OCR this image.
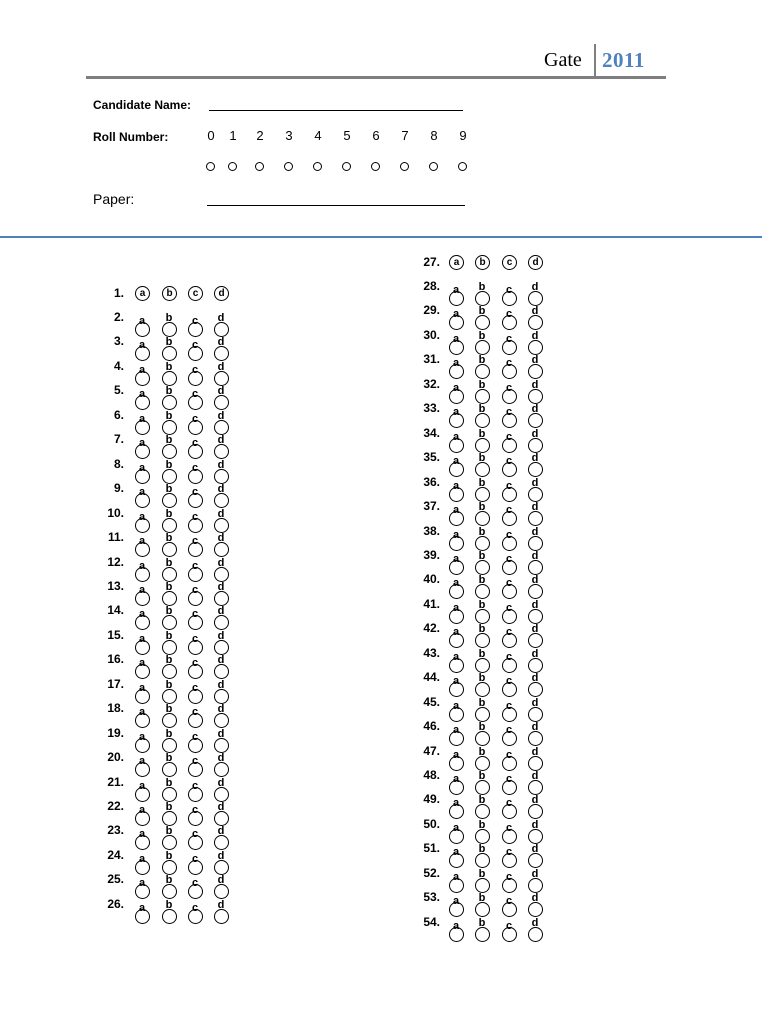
Gate 2011
Candidate Name:
Roll Number:	0 1 2 3 4 5 6 7 8 9
Paper:
1.	a	b	c	d
2.	a	b	c	d
3.	a	b	c	d
4.	a	b	c	d
5.	a	b	c	d
6.	a	b	c	d
7.	a	b	c	d
8.	a	b	c	d
9.	a	b	c	d
10.	a	b	c	d
11.	a	b	c	d
12.	a	b	c	d
13.	a	b	c	d
14.	a	b	c	d
15.	a	b	c	d
16.	a	b	c	d
17.	a	b	c	d
18.	a	b	c	d
19.	a	b	c	d
20.	a	b	c	d
21.	a	b	c	d
22.	a	b	c	d
23.	a	b	c	d
24.	a	b	c	d
25.	a	b	c	d
26.	a	b	c	d
27.	a	b	c	d
28.	a	b	c	d
29.	a	b	c	d
30.	a	b	c	d
31.	a	b	c	d
32.	a	b	c	d
33.	a	b	c	d
34.	a	b	c	d
35.	a	b	c	d
36.	a	b	c	d
37.	a	b	c	d
38.	a	b	c	d
39.	a	b	c	d
40.	a	b	c	d
41.	a	b	c	d
42.	a	b	c	d
43.	a	b	c	d
44.	a	b	c	d
45.	a	b	c	d
46.	a	b	c	d
47.	a	b	c	d
48.	a	b	c	d
49.	a	b	c	d
50.	a	b	c	d
51.	a	b	c	d
52.	a	b	c	d
53.	a	b	c	d
54.	a	b	c	d
